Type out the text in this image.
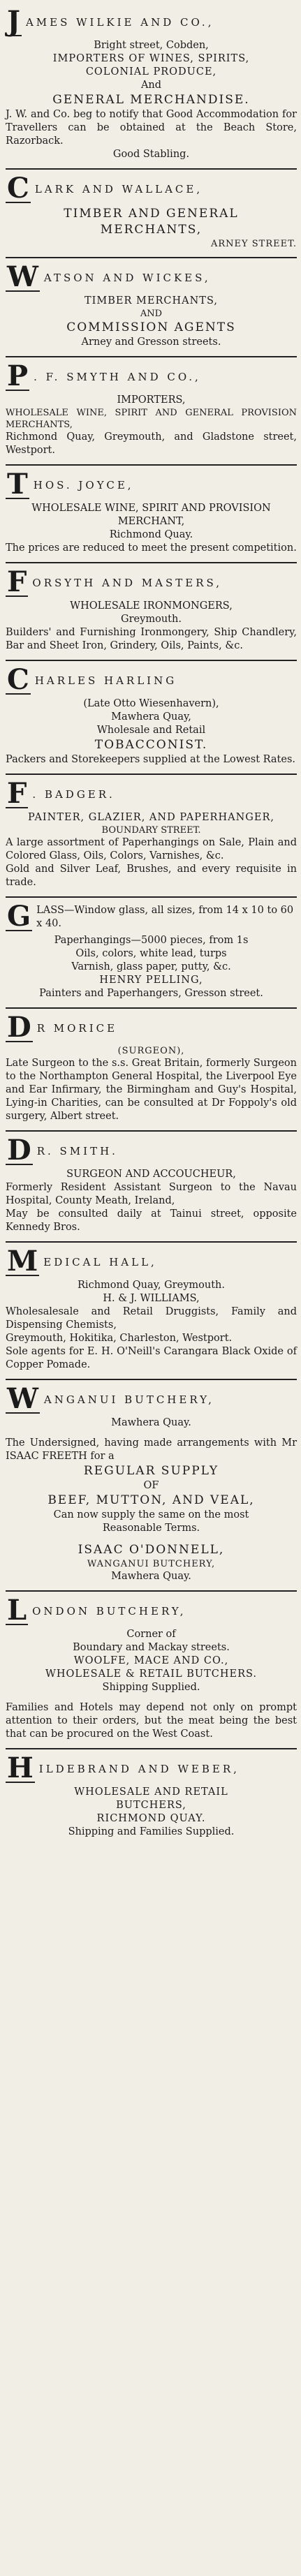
J AMES WILKIE AND CO.,
Bright street, Cobden,
IMPORTERS OF WINES, SPIRITS,
COLONIAL PRODUCE,
And
GENERAL MERCHANDISE.
J. W. and Co. beg to notify that Good Accommodation for Travellers can be obtained at the Beach Store, Razorback.
Good Stabling.
C LARK AND WALLACE,
TIMBER AND GENERAL
MERCHANTS,
ARNEY STREET.
W ATSON AND WICKES,
TIMBER MERCHANTS,
AND
COMMISSION AGENTS
Arney and Gresson streets.
P . F. SMYTH AND CO.,
IMPORTERS,
WHOLESALE WINE, SPIRIT AND GENERAL PROVISION MERCHANTS,
Richmond Quay, Greymouth, and Gladstone street, Westport.
T HOS. JOYCE,
WHOLESALE WINE, SPIRIT AND PROVISION MERCHANT,
Richmond Quay.
The prices are reduced to meet the present competition.
F ORSYTH AND MASTERS,
WHOLESALE IRONMONGERS,
Greymouth.
Builders' and Furnishing Ironmongery, Ship Chandlery, Bar and Sheet Iron, Grindery, Oils, Paints, &c.
C HARLES HARLING
(Late Otto Wiesenhavern),
Mawhera Quay,
Wholesale and Retail
TOBACCONIST.
Packers and Storekeepers supplied at the Lowest Rates.
F . BADGER.
PAINTER, GLAZIER, AND PAPERHANGER,
BOUNDARY STREET.
A large assortment of Paperhangings on Sale, Plain and Colored Glass, Oils, Colors, Varnishes, &c.
Gold and Silver Leaf, Brushes, and every requisite in trade.
G LASS—Window glass, all sizes, from 14 x 10 to 60 x 40.
Paperhangings—5000 pieces, from 1s
Oils, colors, white lead, turps
Varnish, glass paper, putty, &c.
HENRY PELLING,
Painters and Paperhangers, Gresson street.
D R MORICE
(SURGEON),
Late Surgeon to the s.s. Great Britain, formerly Surgeon to the Northampton General Hospital, the Liverpool Eye and Ear Infirmary, the Birmingham and Guy's Hospital, Lying-in Charities, can be consulted at Dr Foppoly's old surgery, Albert street.
D R. SMITH.
SURGEON AND ACCOUCHEUR,
Formerly Resident Assistant Surgeon to the Navau Hospital, County Meath, Ireland,
May be consulted daily at Tainui street, opposite Kennedy Bros.
M EDICAL HALL,
Richmond Quay, Greymouth.
H. & J. WILLIAMS,
Wholesalesale and Retail Druggists, Family and Dispensing Chemists,
Greymouth, Hokitika, Charleston, Westport.
Sole agents for E. H. O'Neill's Carangara Black Oxide of Copper Pomade.
W ANGANUI BUTCHERY,
Mawhera Quay.
The Undersigned, having made arrangements with Mr ISAAC FREETH for a
REGULAR SUPPLY
OF
BEEF, MUTTON, AND VEAL,
Can now supply the same on the most
Reasonable Terms.
ISAAC O'DONNELL,
WANGANUI BUTCHERY,
Mawhera Quay.
L ONDON BUTCHERY,
Corner of
Boundary and Mackay streets.
WOOLFE, MACE AND CO.,
WHOLESALE & RETAIL BUTCHERS.
Shipping Supplied.
Families and Hotels may depend not only on prompt attention to their orders, but the meat being the best that can be procured on the West Coast.
H ILDEBRAND AND WEBER,
WHOLESALE AND RETAIL
BUTCHERS,
RICHMOND QUAY.
Shipping and Families Supplied.
